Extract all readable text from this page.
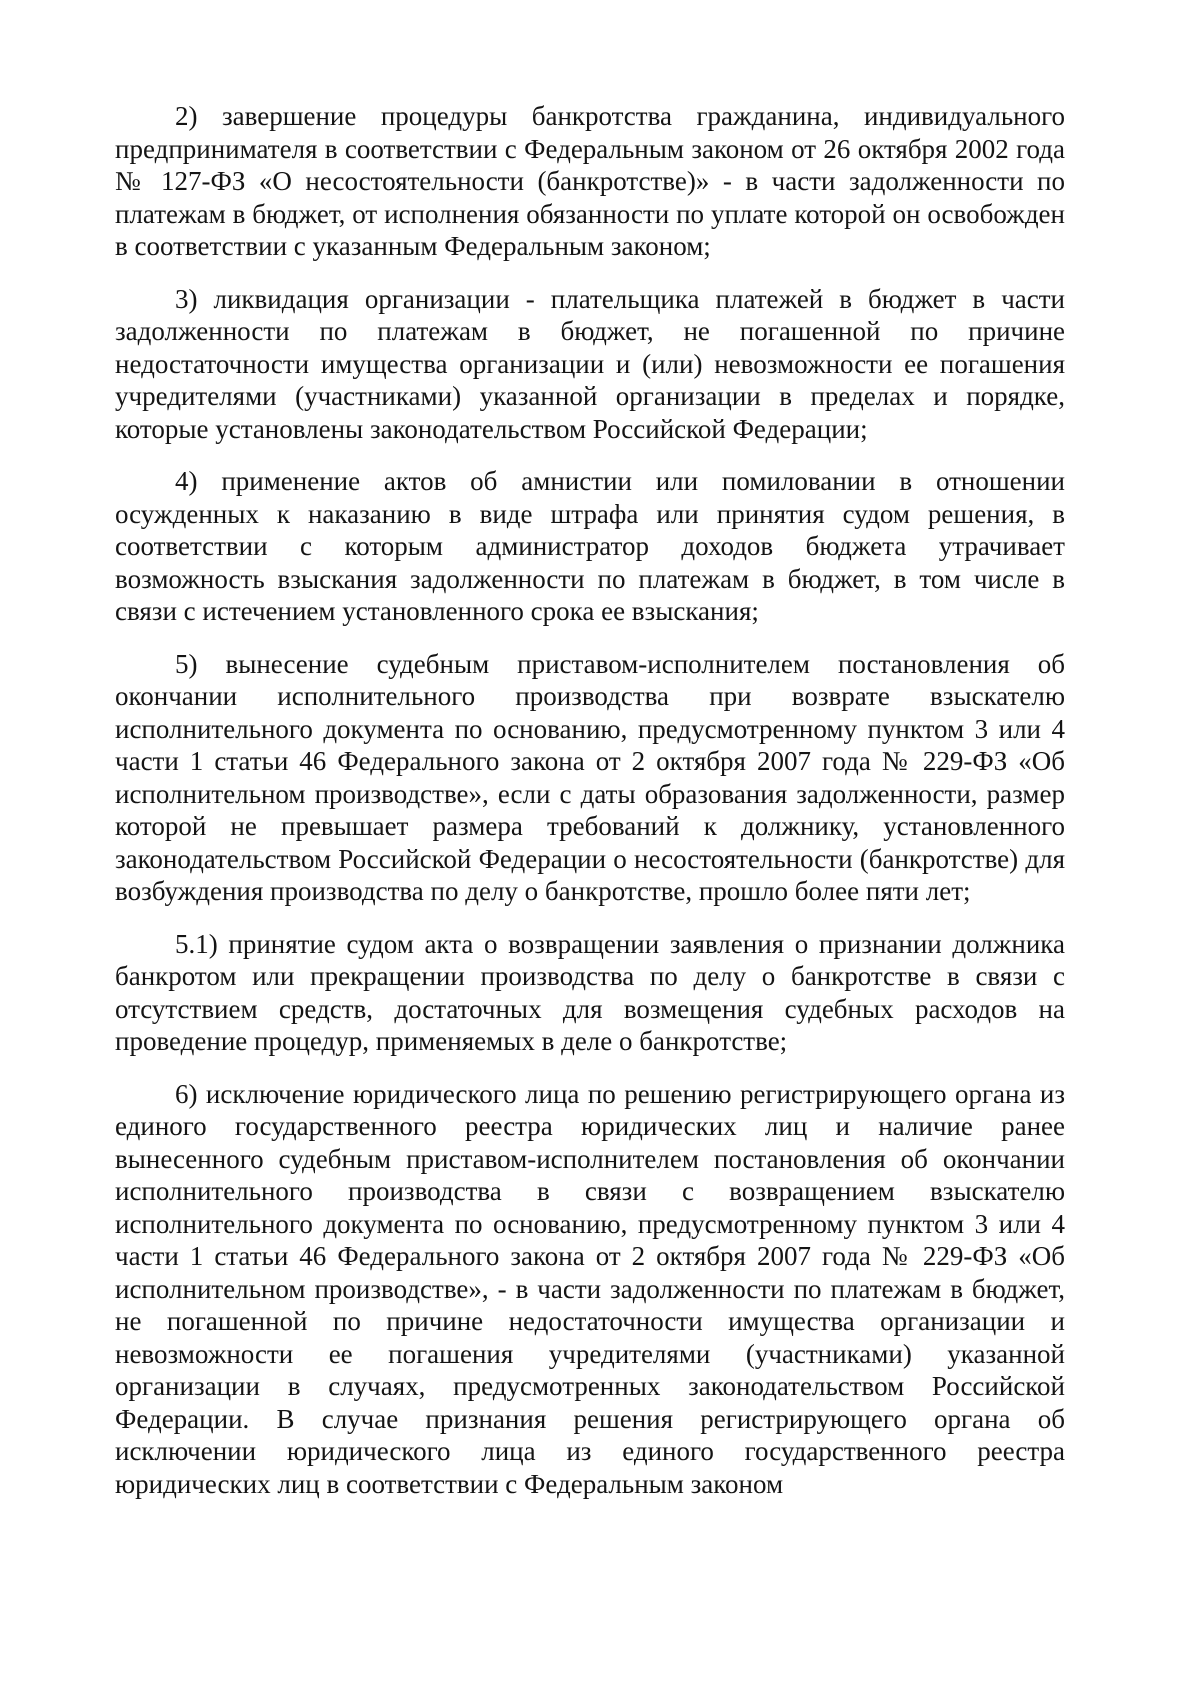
2) завершение процедуры банкротства гражданина, индивидуального предпринимателя в соответствии с Федеральным законом от 26 октября 2002 года № 127-ФЗ «О несостоятельности (банкротстве)» - в части задолженности по платежам в бюджет, от исполнения обязанности по уплате которой он освобожден в соответствии с указанным Федеральным законом;

3) ликвидация организации - плательщика платежей в бюджет в части задолженности по платежам в бюджет, не погашенной по причине недостаточности имущества организации и (или) невозможности ее погашения учредителями (участниками) указанной организации в пределах и порядке, которые установлены законодательством Российской Федерации;

4) применение актов об амнистии или помиловании в отношении осужденных к наказанию в виде штрафа или принятия судом решения, в соответствии с которым администратор доходов бюджета утрачивает возможность взыскания задолженности по платежам в бюджет, в том числе в связи с истечением установленного срока ее взыскания;

5) вынесение судебным приставом-исполнителем постановления об окончании исполнительного производства при возврате взыскателю исполнительного документа по основанию, предусмотренному пунктом 3 или 4 части 1 статьи 46 Федерального закона от 2 октября 2007 года № 229-ФЗ «Об исполнительном производстве», если с даты образования задолженности, размер которой не превышает размера требований к должнику, установленного законодательством Российской Федерации о несостоятельности (банкротстве) для возбуждения производства по делу о банкротстве, прошло более пяти лет;

5.1) принятие судом акта о возвращении заявления о признании должника банкротом или прекращении производства по делу о банкротстве в связи с отсутствием средств, достаточных для возмещения судебных расходов на проведение процедур, применяемых в деле о банкротстве;

6) исключение юридического лица по решению регистрирующего органа из единого государственного реестра юридических лиц и наличие ранее вынесенного судебным приставом-исполнителем постановления об окончании исполнительного производства в связи с возвращением взыскателю исполнительного документа по основанию, предусмотренному пунктом 3 или 4 части 1 статьи 46 Федерального закона от 2 октября 2007 года № 229-ФЗ «Об исполнительном производстве», - в части задолженности по платежам в бюджет, не погашенной по причине недостаточности имущества организации и невозможности ее погашения учредителями (участниками) указанной организации в случаях, предусмотренных законодательством Российской Федерации. В случае признания решения регистрирующего органа об исключении юридического лица из единого государственного реестра юридических лиц в соответствии с Федеральным законом
